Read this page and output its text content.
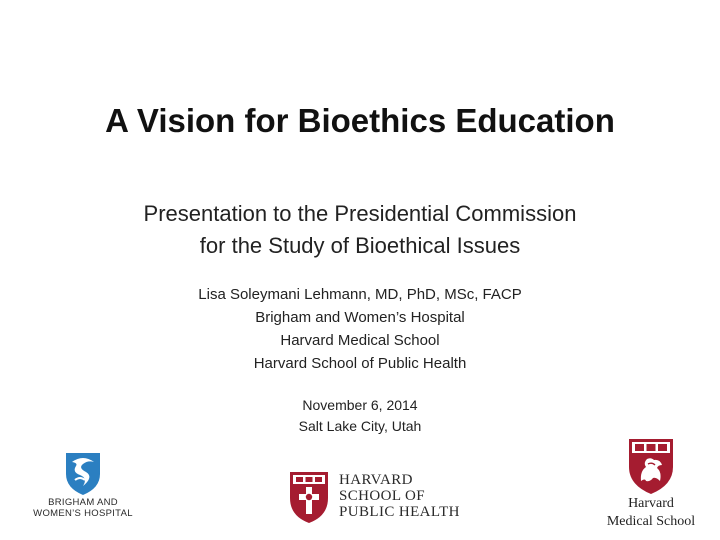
A Vision for Bioethics Education
Presentation to the Presidential Commission
for the Study of Bioethical Issues
Lisa Soleymani Lehmann, MD, PhD, MSc, FACP
Brigham and Women’s Hospital
Harvard Medical School
Harvard School of Public Health
November 6, 2014
Salt Lake City, Utah
BRIGHAM AND
WOMEN’S HOSPITAL
HARVARD
SCHOOL OF
PUBLIC HEALTH
Harvard
Medical School
